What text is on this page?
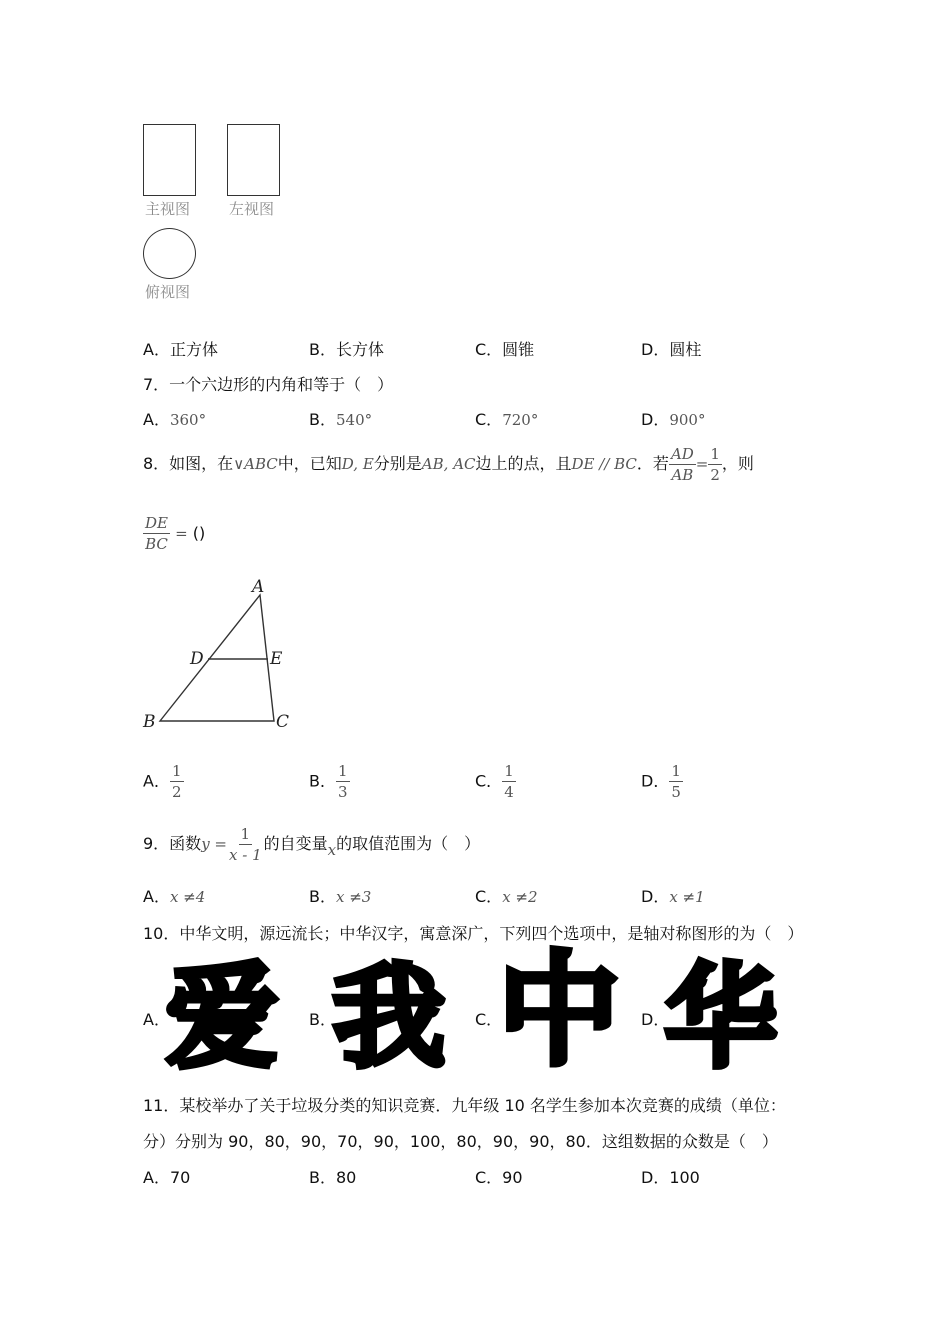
主视图	左视图
俯视图
A．正方体	B．长方体	C．圆锥	D．圆柱
7．一个六边形的内角和等于（　）
A．360°	B．540°	C．720°	D．900°
8．如图，在∨ABC中，已知D, E分别是AB, AC边上的点，且DE // BC．若 $\frac{AD}{AB} = \frac{1}{2}$ ，则
$\frac{DE}{BC}$ = ()
A
D	E
B	C
A． $\frac{1}{2}$	B． $\frac{1}{3}$	C． $\frac{1}{4}$	D． $\frac{1}{5}$
9．函数$y = \frac{1}{x - 1}$ 的自变量x的取值范围为（　）
A．x ≠4	B．x ≠3	C．x ≠2	D．x ≠1
10．中华文明，源远流长；中华汉字，寓意深广，下列四个选项中，是轴对称图形的为（　）
A．
爱 B．
我 C．
中 D．
华
11．某校举办了关于垃圾分类的知识竞赛．九年级 10 名学生参加本次竞赛的成绩（单位：
分）分别为 90，80，90，70，90，100，80，90，90，80．这组数据的众数是（　）
A．70	B．80	C．90	D．100
